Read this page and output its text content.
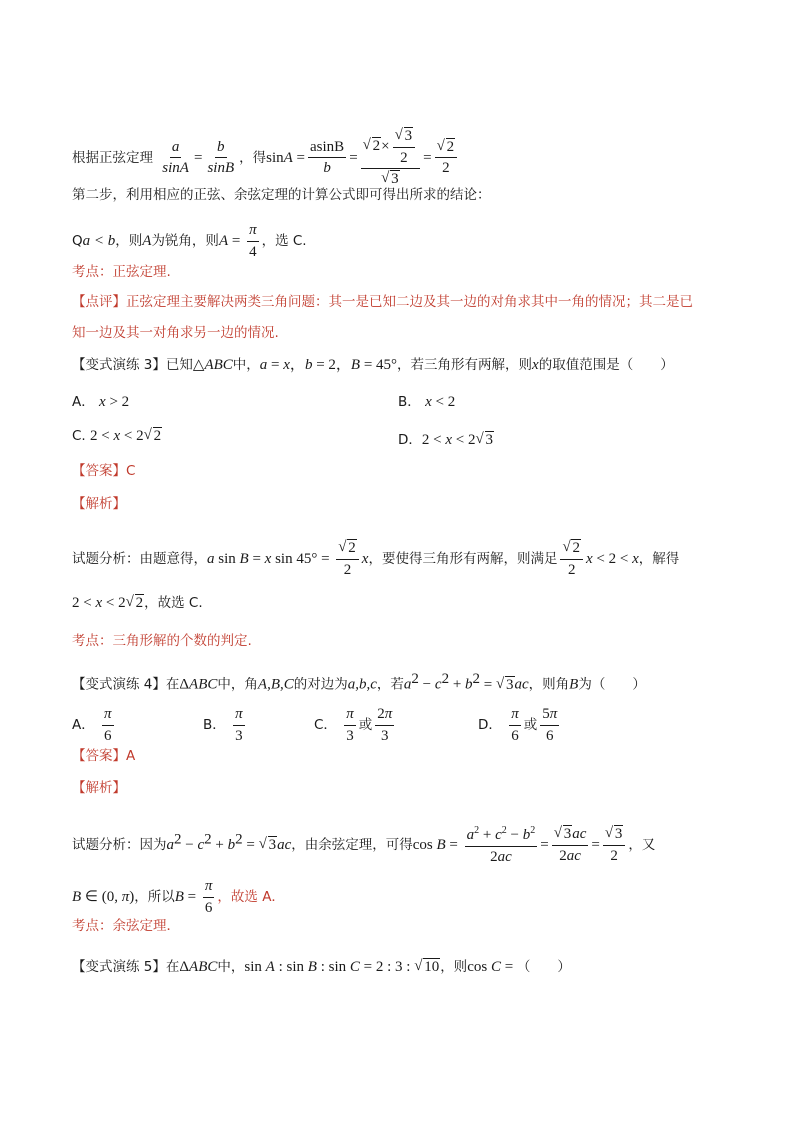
根据正弦定理 $\frac{a}{\sin A} = \frac{b}{\sin B}$ ，得$\sin A = \frac{asinB}{b}$ = √ 2× √ $\frac{3}{2}$
√ 3 = √ $\frac{2}{2}$
第二步，利用相应的正弦、余弦定理的计算公式即可得出所求的结论：
Qa < b，则A为锐角，则$A = \frac{\pi}{4}$ ，选 C.
考点：正弦定理.
【点评】正弦定理主要解决两类三角问题：其一是已知二边及其一边的对角求其中一角的情况；其二是已
知一边及其一对角求另一边的情况.
【变式演练 3】已知△ABC中，a = x，b = 2，B = 45°，若三角形有两解，则x的取值范围是（　　）
A． x > 2	B． x < 2
C. 2 < x < 2 √ 2	D．2 < x < 2 √ 3
【答案】C
【解析】
试题分析：由题意得，a sin B = x sin 45° = √ $\frac{2}{2}$ x，要使得三角形有两解，则满足 √ $\frac{2}{2}$ x < 2 < x，解得
2 < x < 2 √ 2，故选 C.
考点：三角形解的个数的判定.
【变式演练 4】在ΔABC中，角A,B,C的对边为a,b,c，若$a^2 - c^2 + b^2$ = √ 3ac，则角B为（　　）
A． $\frac{\pi}{6}$	B． $\frac{\pi}{3}$	C． $\frac{\pi}{3}$ 或 $\frac{2\pi}{3}$	D． $\frac{\pi}{6}$ 或 $\frac{5\pi}{6}$
【答案】A
【解析】
试题分析：因为$a^2 - c^2 + b^2$ = √ 3ac，由余弦定理，可得$\cos B = \frac{a^2 + c^2 - b^2}{2ac}$ = √ $\frac{3ac}{2ac}$ = √ $\frac{3}{2}$ ，又
B ∈ (0, π)，所以$B = \frac{\pi}{6}$ ，故选 A．
考点：余弦定理．
【变式演练 5】在ΔABC中，sin A : sin B : sin C = 2 : 3 : √ 10，则cos C = （　　）
